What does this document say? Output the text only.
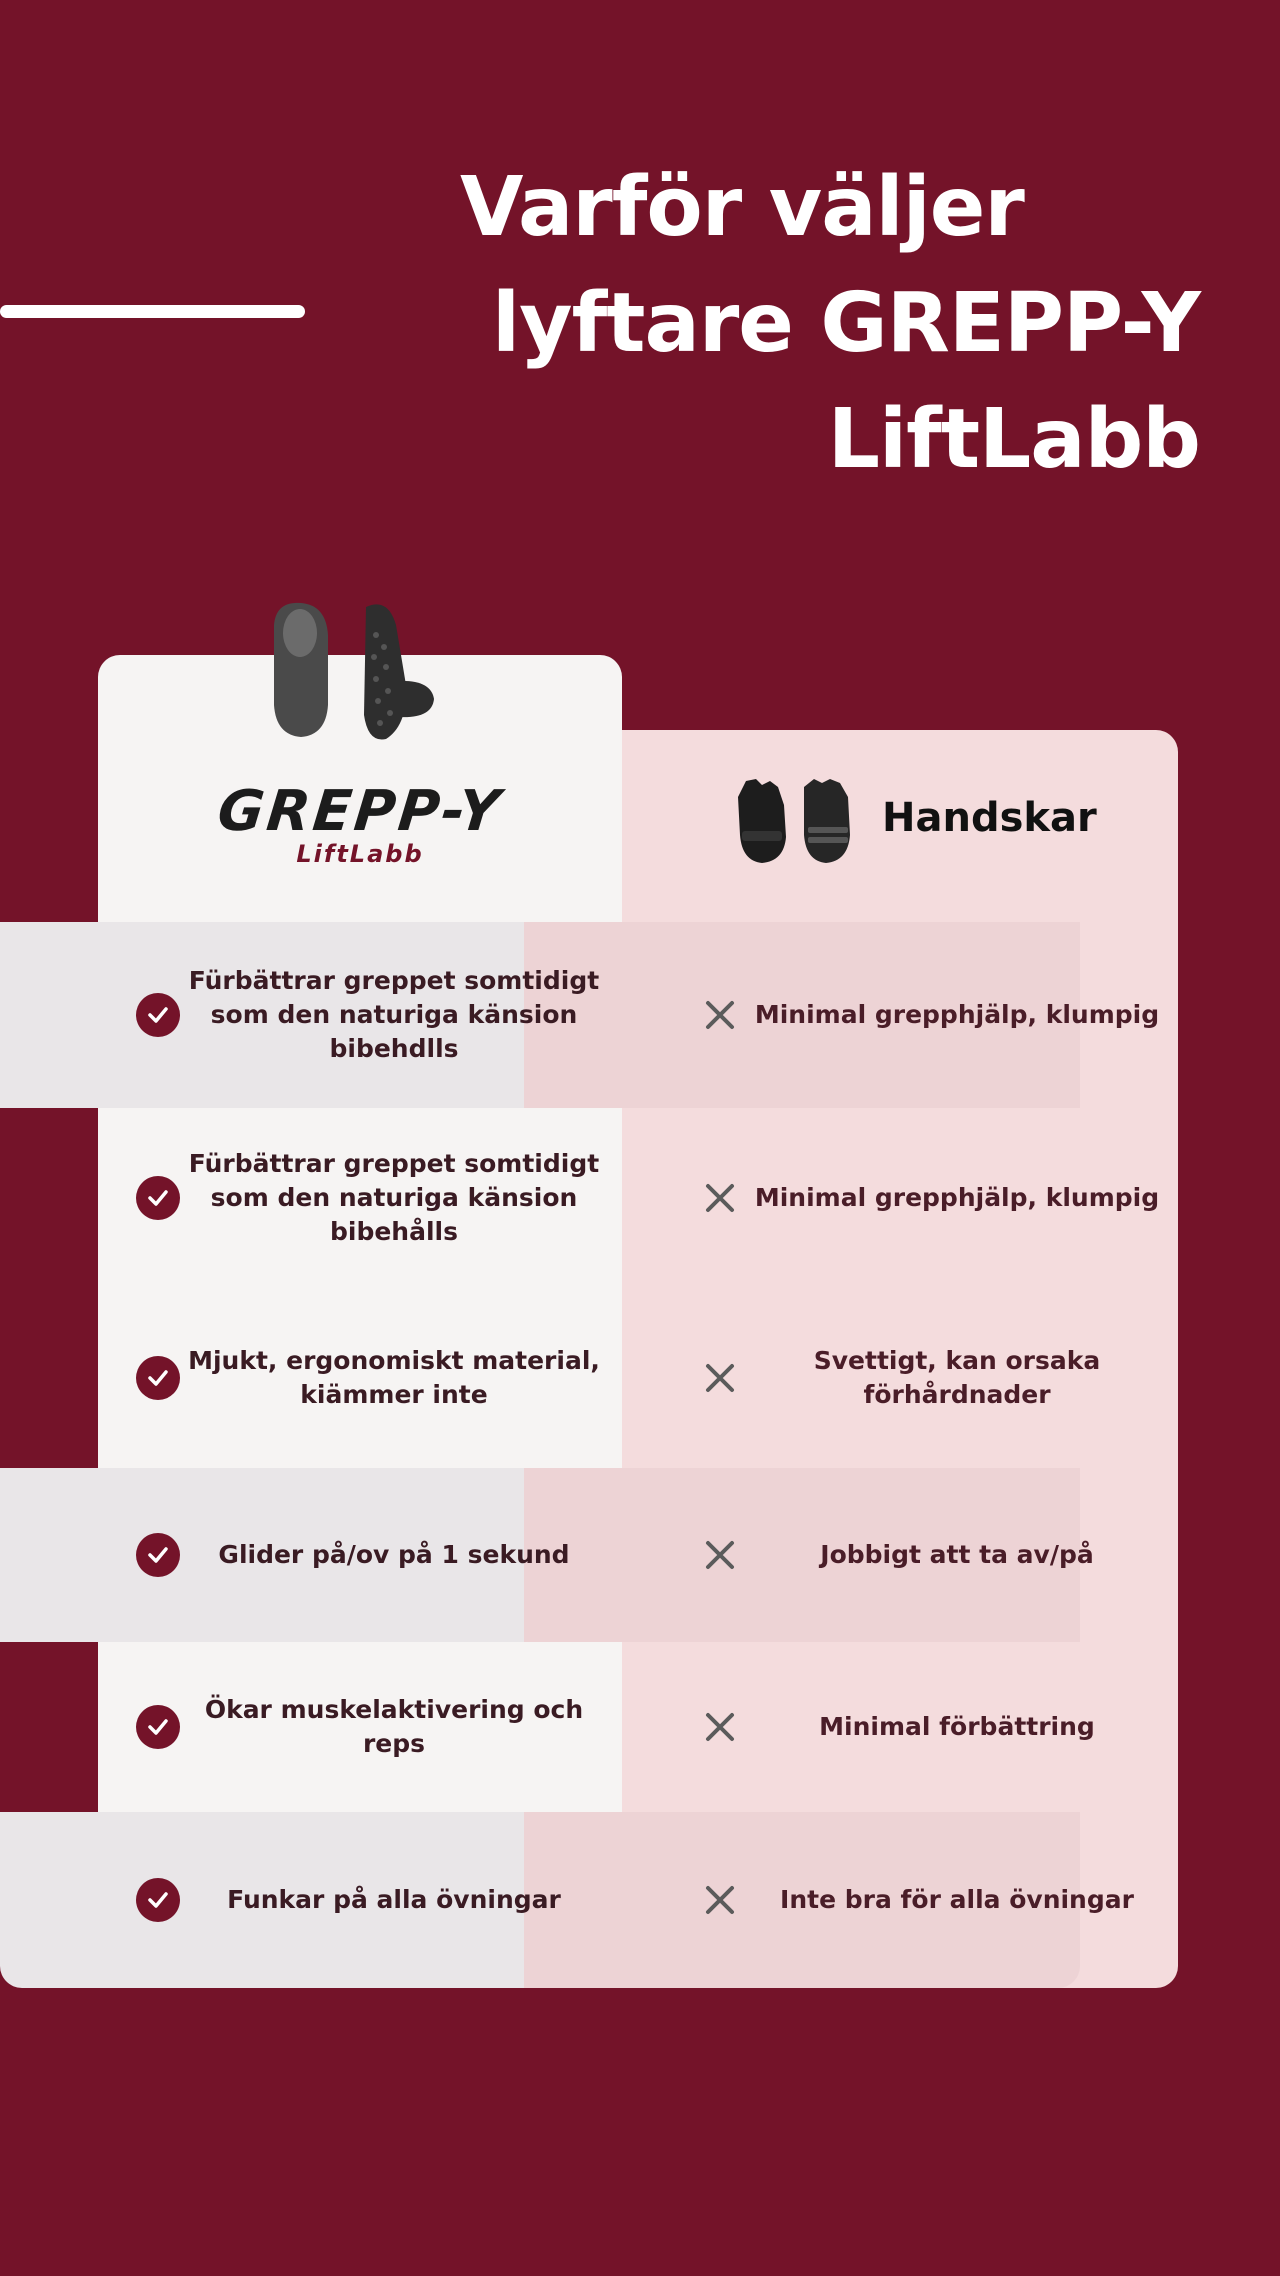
Varför väljer
lyftare GREPP-Y
LiftLabb
GREPP-Y
LiftLabb
Handskar
Fürbättrar greppet somtidigt som den naturiga känsion bibehdlls
Minimal grepphjälp, klumpig
Fürbättrar greppet somtidigt som den naturiga känsion bibehålls
Minimal grepphjälp, klumpig
Mjukt, ergonomiskt material, kiämmer inte
Svettigt, kan orsaka förhårdnader
Glider på/ov på 1 sekund	Jobbigt att ta av/på
Ökar muskelaktivering och reps
Minimal förbättring
Funkar på alla övningar	Inte bra för alla övningar
